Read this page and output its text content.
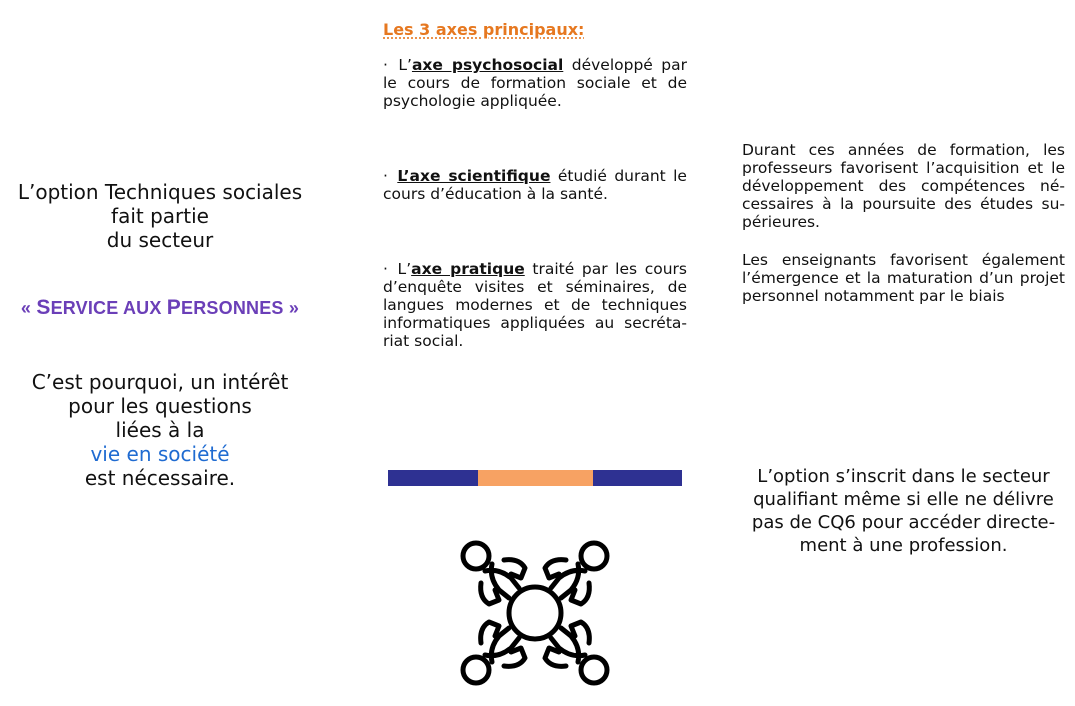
L’option Techniques sociales
fait partie
du secteur
« SERVICE AUX PERSONNES »
C’est pourquoi, un intérêt
pour les questions
liées à la
vie en société
est nécessaire.
Les 3 axes principaux:
· L’axe psychosocial développé par le cours de formation sociale et de psychologie appliquée.
· L’axe scientifique étudié durant le cours d’éducation à la santé.
· L’axe pratique traité par les cours d’enquête visites et séminaires, de langues modernes et de techniques informatiques appliquées au secrétariat social.
Durant ces années de formation, les professeurs favorisent l’acquisition et le développement des compétences nécessaires à la poursuite des études supérieures.
Les enseignants favorisent également l’émergence et la maturation d’un projet personnel notamment par le biais
L’option s’inscrit dans le secteur
qualifiant même si elle ne délivre
pas de CQ6 pour accéder directe-
ment à une profession.
